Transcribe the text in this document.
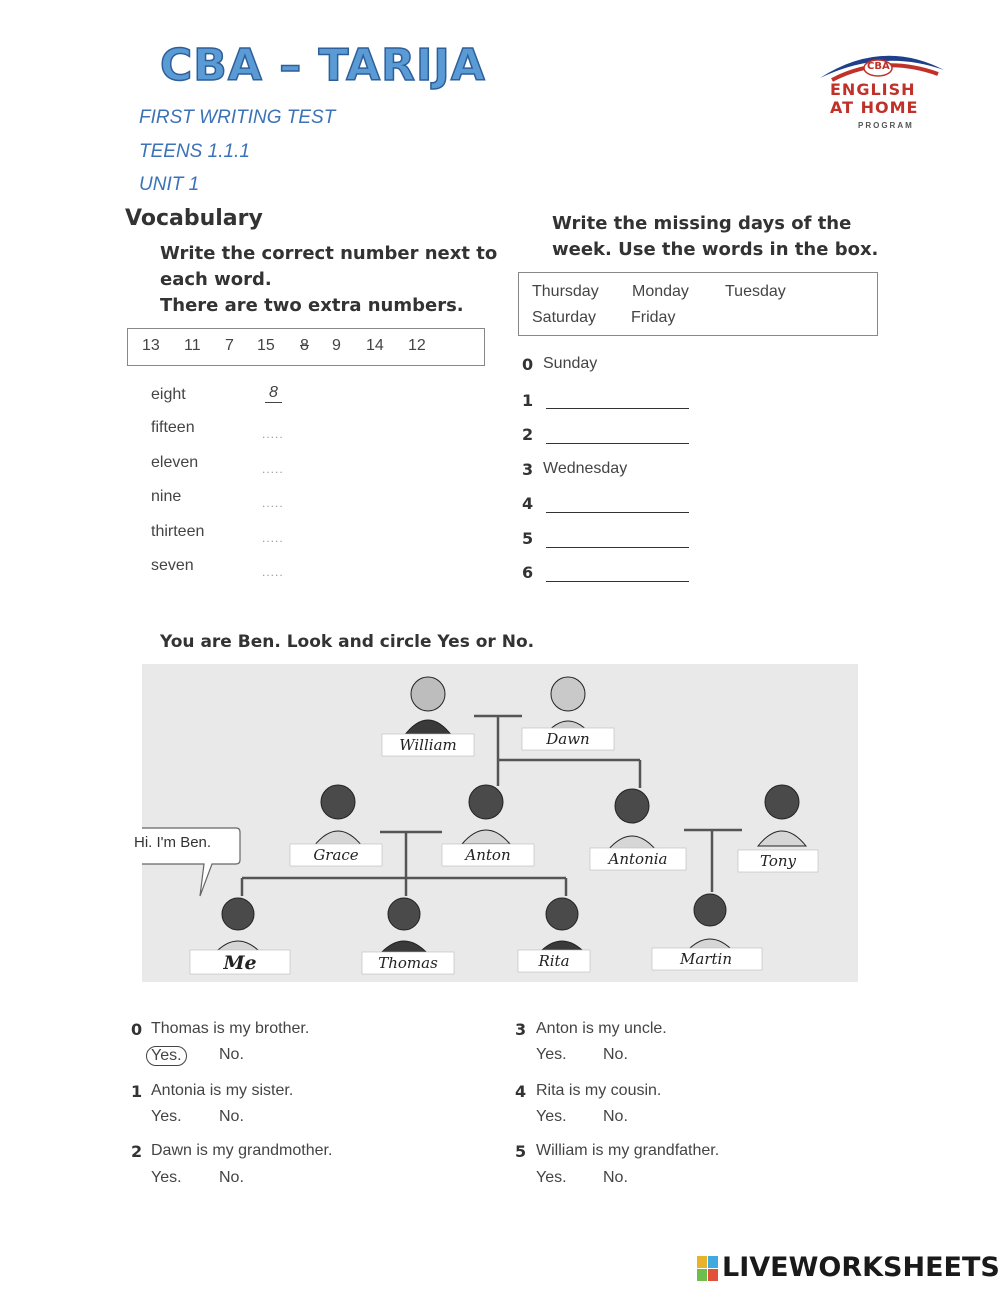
CBA – TARIJA
FIRST WRITING TEST
TEENS 1.1.1
UNIT 1
CBA
ENGLISH
AT HOME
PROGRAM
Vocabulary
Write the correct number next to
each word.
There are two extra numbers.
13 11 7 15 8 9 14 12
eight	8
fifteen	.....
eleven	.....
nine	.....
thirteen	.....
seven	.....
Write the missing days of the
week. Use the words in the box.
Thursday Monday Tuesday
Saturday Friday
0 Sunday
1
2
3 Wednesday
4
5
6
You are Ben. Look and circle Yes or No.
William	Dawn
Grace	Anton	Antonia	Tony
Me	Thomas	Rita	Martin
Hi. I'm Ben.
0 Thomas is my brother.
Yes.	No.
1 Antonia is my sister.
Yes. No.
2 Dawn is my grandmother.
Yes. No.
3 Anton is my uncle.
Yes. No.
4 Rita is my cousin.
Yes. No.
5 William is my grandfather.
Yes. No.
LIVEWORKSHEETS
